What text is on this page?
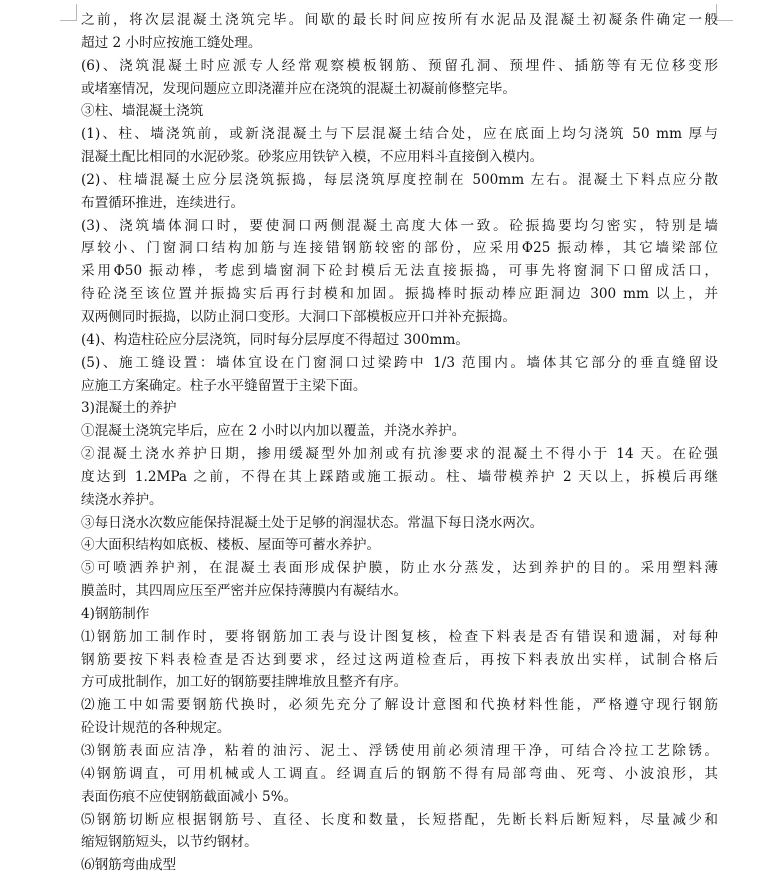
之前，将次层混凝土浇筑完毕。间歇的最长时间应按所有水泥品及混凝土初凝条件确定一般
超过 2 小时应按施工缝处理。
(6)、浇筑混凝土时应派专人经常观察模板钢筋、预留孔洞、预埋件、插筋等有无位移变形
或堵塞情况，发现问题应立即浇灌并应在浇筑的混凝土初凝前修整完毕。
③柱、墙混凝土浇筑
(1)、柱、墙浇筑前，或新浇混凝土与下层混凝土结合处，应在底面上均匀浇筑 50 mm 厚与
混凝土配比相同的水泥砂浆。砂浆应用铁铲入模，不应用料斗直接倒入模内。
(2)、柱墙混凝土应分层浇筑振捣，每层浇筑厚度控制在 500mm 左右。混凝土下料点应分散
布置循环推进，连续进行。
(3)、浇筑墙体洞口时，要使洞口两侧混凝土高度大体一致。砼振捣要均匀密实，特别是墙
厚较小、门窗洞口结构加筋与连接错钢筋较密的部份，应采用Φ25 振动棒，其它墙梁部位
采用Φ50 振动棒，考虑到墙窗洞下砼封模后无法直接振捣，可事先将窗洞下口留成活口，
待砼浇至该位置并振捣实后再行封模和加固。振捣棒时振动棒应距洞边 300 mm 以上，并
双两侧同时振捣，以防止洞口变形。大洞口下部模板应开口并补充振捣。
(4)、构造柱砼应分层浇筑，同时每分层厚度不得超过 300mm。
(5)、施工缝设置：墙体宜设在门窗洞口过梁跨中 1/3 范围内。墙体其它部分的垂直缝留设
应施工方案确定。柱子水平缝留置于主梁下面。
3)混凝土的养护
①混凝土浇筑完毕后，应在 2 小时以内加以覆盖，并浇水养护。
②混凝土浇水养护日期，掺用缓凝型外加剂或有抗渗要求的混凝土不得小于 14 天。在砼强
度达到 1.2MPa 之前，不得在其上踩踏或施工振动。柱、墙带模养护 2 天以上，拆模后再继
续浇水养护。
③每日浇水次数应能保持混凝土处于足够的润湿状态。常温下每日浇水两次。
④大面积结构如底板、楼板、屋面等可蓄水养护。
⑤可喷洒养护剂，在混凝土表面形成保护膜，防止水分蒸发，达到养护的目的。采用塑料薄
膜盖时，其四周应压至严密并应保持薄膜内有凝结水。
4)钢筋制作
⑴钢筋加工制作时，要将钢筋加工表与设计图复核，检查下料表是否有错误和遗漏，对每种
钢筋要按下料表检查是否达到要求，经过这两道检查后，再按下料表放出实样，试制合格后
方可成批制作，加工好的钢筋要挂牌堆放且整齐有序。
⑵施工中如需要钢筋代换时，必须先充分了解设计意图和代换材料性能，严格遵守现行钢筋
砼设计规范的各种规定。
⑶钢筋表面应洁净，粘着的油污、泥土、浮锈使用前必须清理干净，可结合冷拉工艺除锈。
⑷钢筋调直，可用机械或人工调直。经调直后的钢筋不得有局部弯曲、死弯、小波浪形，其
表面伤痕不应使钢筋截面减小 5%。
⑸钢筋切断应根据钢筋号、直径、长度和数量，长短搭配，先断长料后断短料，尽量减少和
缩短钢筋短头，以节约钢材。
⑹钢筋弯曲成型
